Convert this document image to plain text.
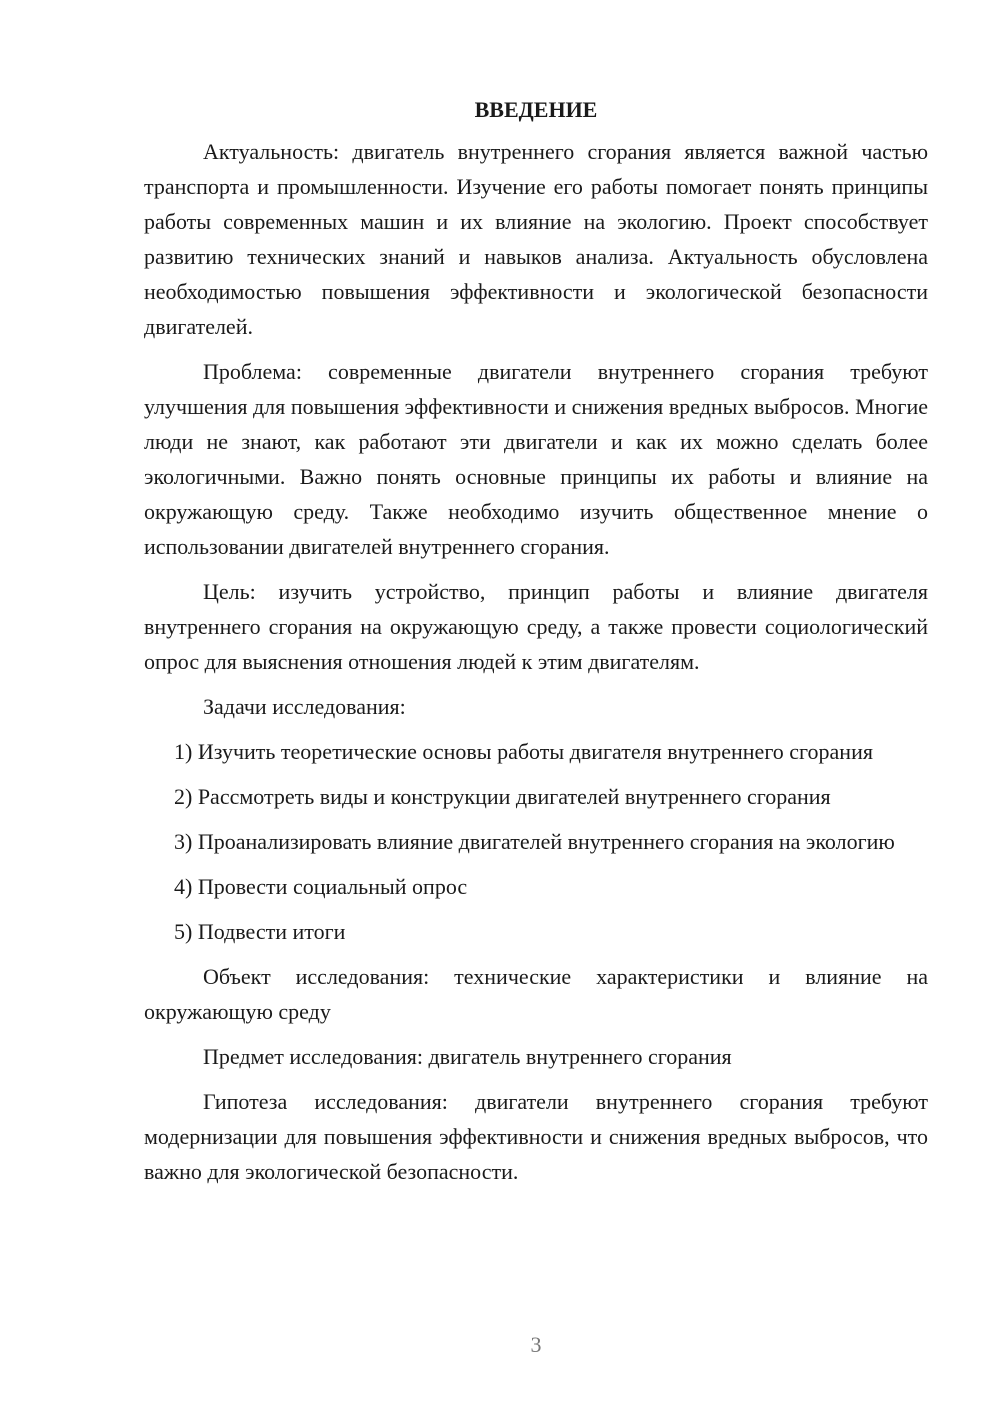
ВВЕДЕНИЕ

Актуальность: двигатель внутреннего сгорания является важной частью транспорта и промышленности. Изучение его работы помогает понять принципы работы современных машин и их влияние на экологию. Проект способствует развитию технических знаний и навыков анализа. Актуальность обусловлена необходимостью повышения эффективности и экологической безопасности двигателей.

Проблема: современные двигатели внутреннего сгорания требуют улучшения для повышения эффективности и снижения вредных выбросов. Многие люди не знают, как работают эти двигатели и как их можно сделать более экологичными. Важно понять основные принципы их работы и влияние на окружающую среду. Также необходимо изучить общественное мнение о использовании двигателей внутреннего сгорания.

Цель: изучить устройство, принцип работы и влияние двигателя внутреннего сгорания на окружающую среду, а также провести социологический опрос для выяснения отношения людей к этим двигателям.

Задачи исследования:

1) Изучить теоретические основы работы двигателя внутреннего сгорания

2) Рассмотреть виды и конструкции двигателей внутреннего сгорания

3) Проанализировать влияние двигателей внутреннего сгорания на экологию

4) Провести социальный опрос

5) Подвести итоги

Объект исследования: технические характеристики и влияние на окружающую среду

Предмет исследования: двигатель внутреннего сгорания

Гипотеза исследования: двигатели внутреннего сгорания требуют модернизации для повышения эффективности и снижения вредных выбросов, что важно для экологической безопасности.

3
